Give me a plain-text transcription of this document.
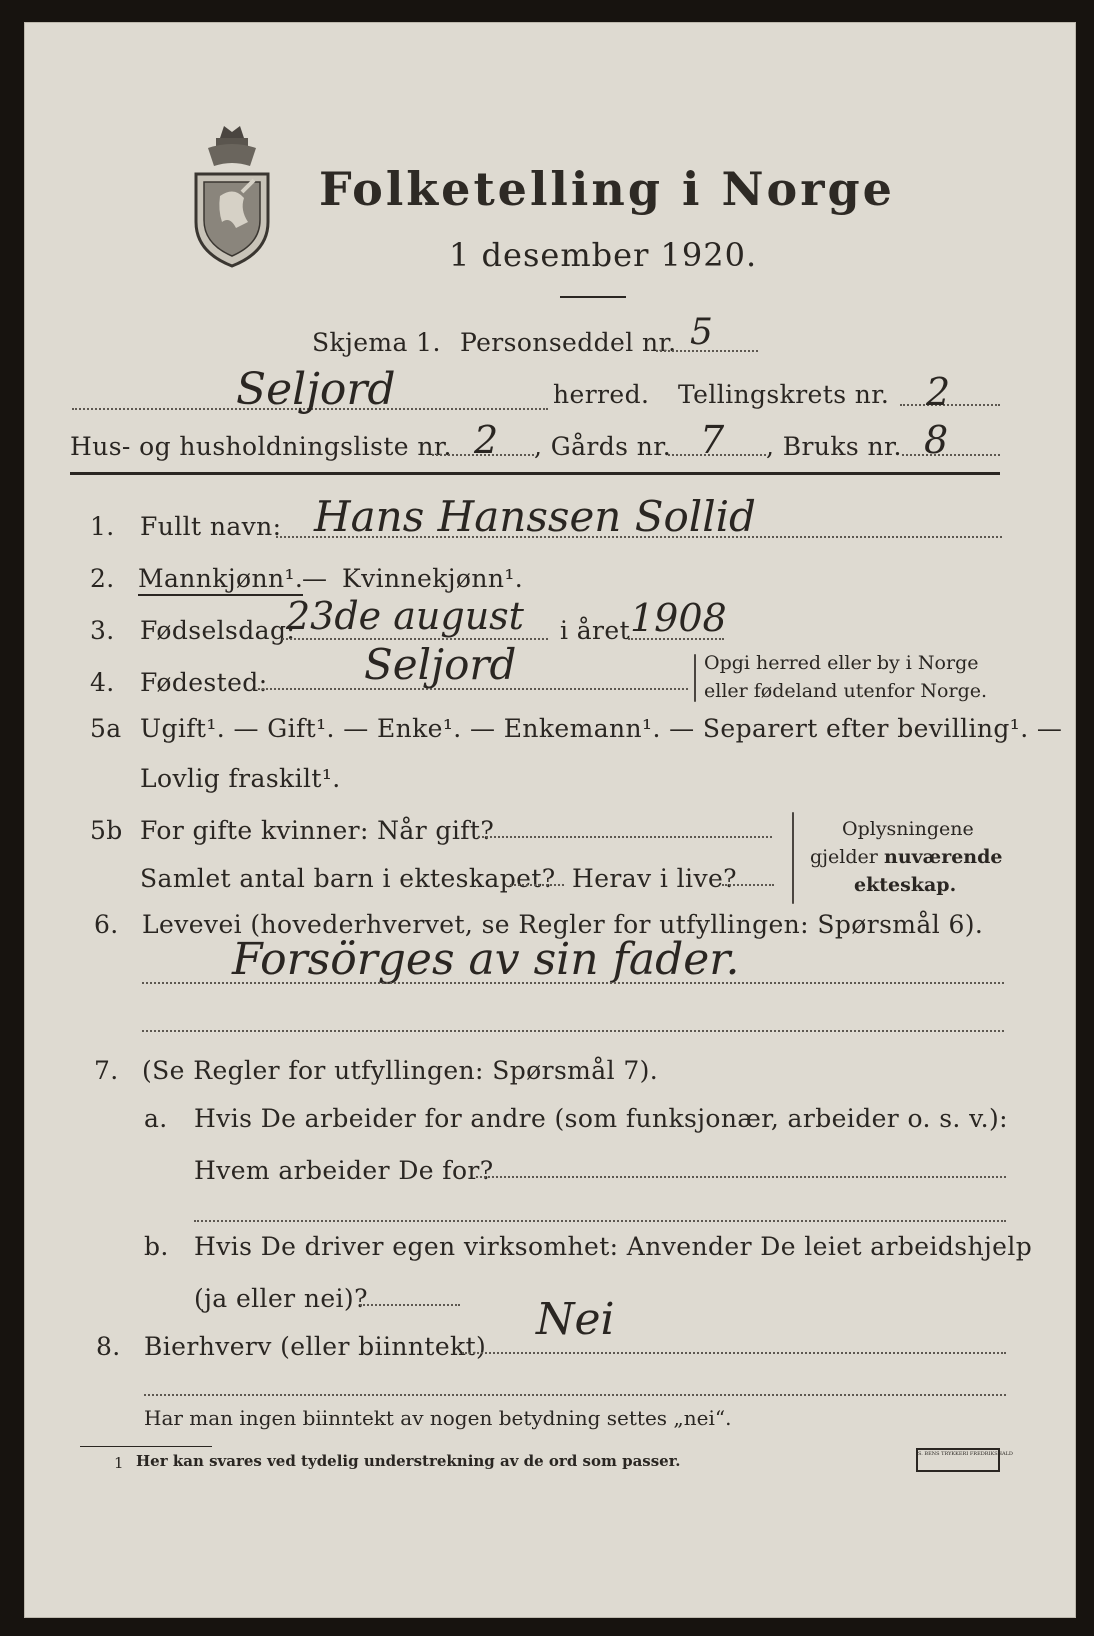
Folketelling i Norge
1 desember 1920.
Skjema 1. Personseddel nr. 5
Seljord	herred. Tellingskrets nr. 2
Hus- og husholdningsliste nr. 2 , Gårds nr. 7 , Bruks nr. 8
1. Fullt navn: Hans Hanssen Sollid
2. Mannkjønn¹.
— Kvinnekjønn¹.
3. Fødselsdag:
23de august i året 1908
4. Fødested: Seljord	Opgi herred eller by i Norge
eller fødeland utenfor Norge.
5a Ugift¹. — Gift¹. — Enke¹. — Enkemann¹. — Separert efter bevilling¹. —
Lovlig fraskilt¹.
5b For gifte kvinner: Når gift?
Samlet antal barn i ekteskapet? Herav i live?
Oplysningene
gjelder nuværende
ekteskap.
6. Levevei (hovederhvervet, se Regler for utfyllingen: Spørsmål 6).
Forsörges av sin fader.
7. (Se Regler for utfyllingen: Spørsmål 7).
a. Hvis De arbeider for andre (som funksjonær, arbeider o. s. v.):
Hvem arbeider De for?
b. Hvis De driver egen virksomhet: Anvender De leiet arbeidshjelp
(ja eller nei)?
8. Bierhverv (eller biinntekt)
Nei
Har man ingen biinntekt av nogen betydning settes „nei“.
1 Her kan svares ved tydelig understrekning av de ord som passer.	S. BENS TRYKKERI FREDRIKSHALD
